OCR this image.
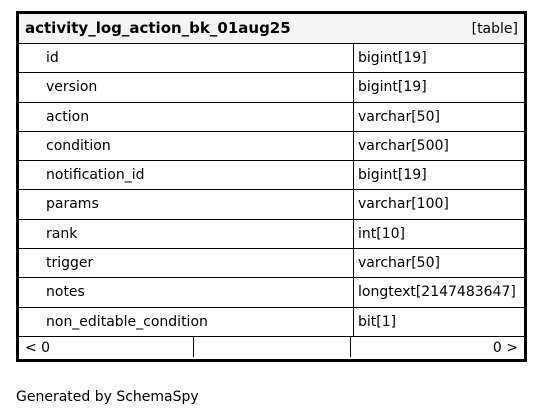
activity_log_action_bk_01aug25	[table]
id	bigint[19]
version	bigint[19]
action	varchar[50]
condition	varchar[500]
notification_id	bigint[19]
params	varchar[100]
rank	int[10]
trigger	varchar[50]
notes	longtext[2147483647]
non_editable_condition	bit[1]
< 0	0 >
Generated by SchemaSpy
